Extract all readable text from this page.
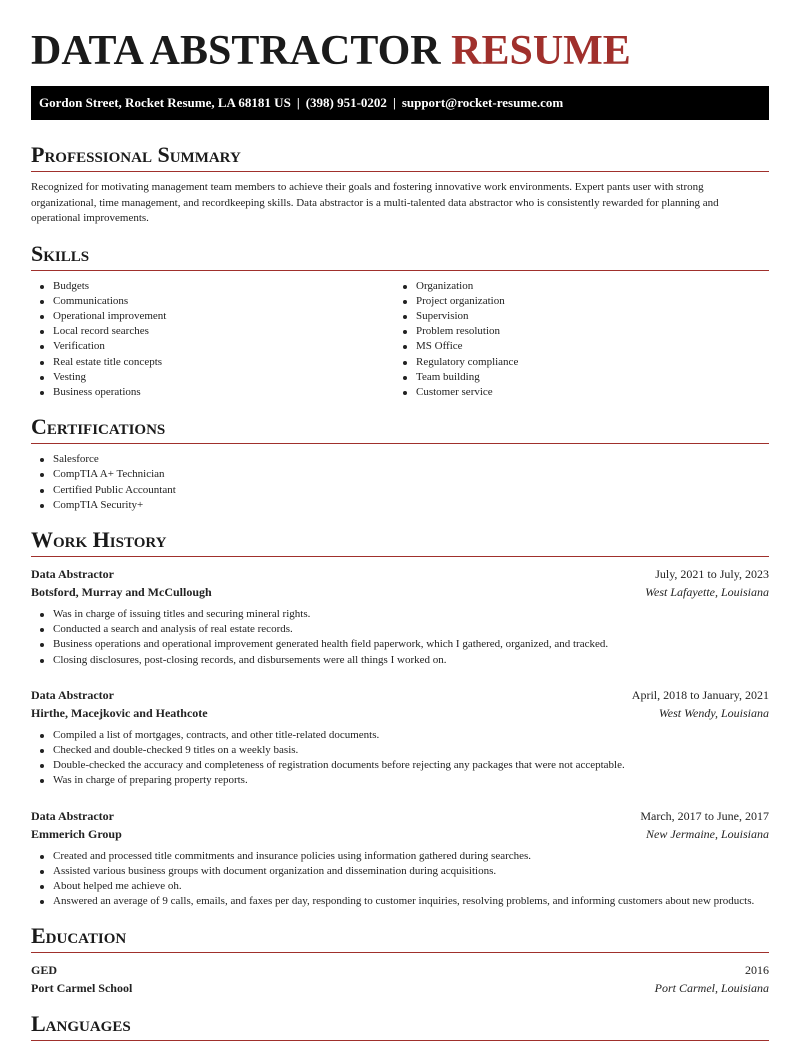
DATA ABSTRACTOR RESUME
Gordon Street, Rocket Resume, LA 68181 US | (398) 951-0202 | support@rocket-resume.com
Professional Summary
Recognized for motivating management team members to achieve their goals and fostering innovative work environments. Expert pants user with strong organizational, time management, and recordkeeping skills. Data abstractor is a multi-talented data abstractor who is consistently rewarded for planning and operational improvements.
Skills
Budgets
Communications
Operational improvement
Local record searches
Verification
Real estate title concepts
Vesting
Business operations
Organization
Project organization
Supervision
Problem resolution
MS Office
Regulatory compliance
Team building
Customer service
Certifications
Salesforce
CompTIA A+ Technician
Certified Public Accountant
CompTIA Security+
Work History
Data Abstractor	July, 2021 to July, 2023
Botsford, Murray and McCullough	West Lafayette, Louisiana
Was in charge of issuing titles and securing mineral rights.
Conducted a search and analysis of real estate records.
Business operations and operational improvement generated health field paperwork, which I gathered, organized, and tracked.
Closing disclosures, post-closing records, and disbursements were all things I worked on.
Data Abstractor	April, 2018 to January, 2021
Hirthe, Macejkovic and Heathcote	West Wendy, Louisiana
Compiled a list of mortgages, contracts, and other title-related documents.
Checked and double-checked 9 titles on a weekly basis.
Double-checked the accuracy and completeness of registration documents before rejecting any packages that were not acceptable.
Was in charge of preparing property reports.
Data Abstractor	March, 2017 to June, 2017
Emmerich Group	New Jermaine, Louisiana
Created and processed title commitments and insurance policies using information gathered during searches.
Assisted various business groups with document organization and dissemination during acquisitions.
About helped me achieve oh.
Answered an average of 9 calls, emails, and faxes per day, responding to customer inquiries, resolving problems, and informing customers about new products.
Education
GED	2016
Port Carmel School	Port Carmel, Louisiana
Languages
